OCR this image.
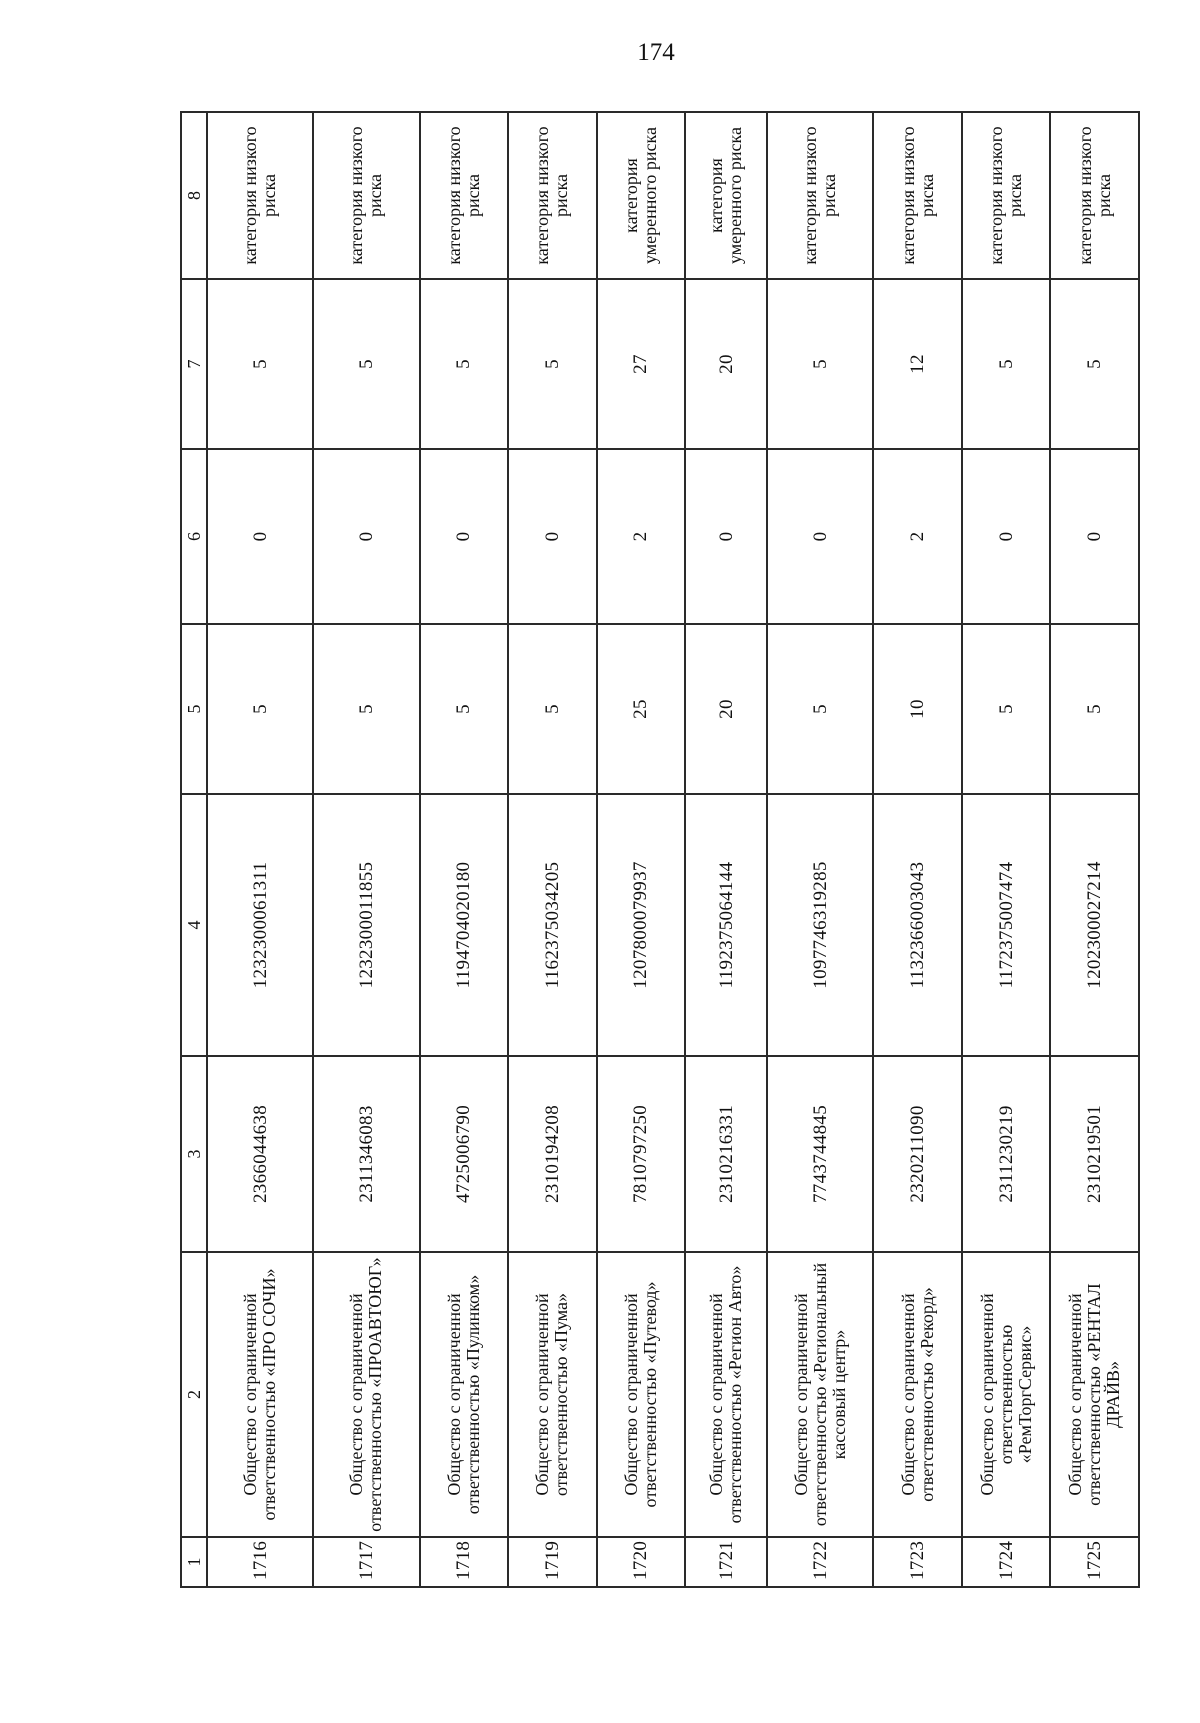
174
1	2	3	4	5	6	7	8
1716	Общество с ограниченной ответственностью «ПРО СОЧИ»	2366044638	1232300061311	5	0	5	категория низкого риска
1717	Общество с ограниченной ответственностью «ПРОАВТОЮГ»	2311346083	1232300011855	5	0	5	категория низкого риска
1718	Общество с ограниченной ответственностью «Пулинком»	4725006790	1194704020180	5	0	5	категория низкого риска
1719	Общество с ограниченной ответственностью «Пума»	2310194208	1162375034205	5	0	5	категория низкого риска
1720	Общество с ограниченной ответственностью «Путевод»	7810797250	1207800079937	25	2	27	категория умеренного риска
1721	Общество с ограниченной ответственностью «Регион Авто»	2310216331	1192375064144	20	0	20	категория умеренного риска
1722	Общество с ограниченной ответственностью «Региональный кассовый центр»	7743744845	1097746319285	5	0	5	категория низкого риска
1723	Общество с ограниченной ответственностью «Рекорд»	2320211090	1132366003043	10	2	12	категория низкого риска
1724	Общество с ограниченной ответственностью «РемТоргСервис»	2311230219	1172375007474	5	0	5	категория низкого риска
1725	Общество с ограниченной ответственностью «РЕНТАЛ ДРАЙВ»	2310219501	1202300027214	5	0	5	категория низкого риска
